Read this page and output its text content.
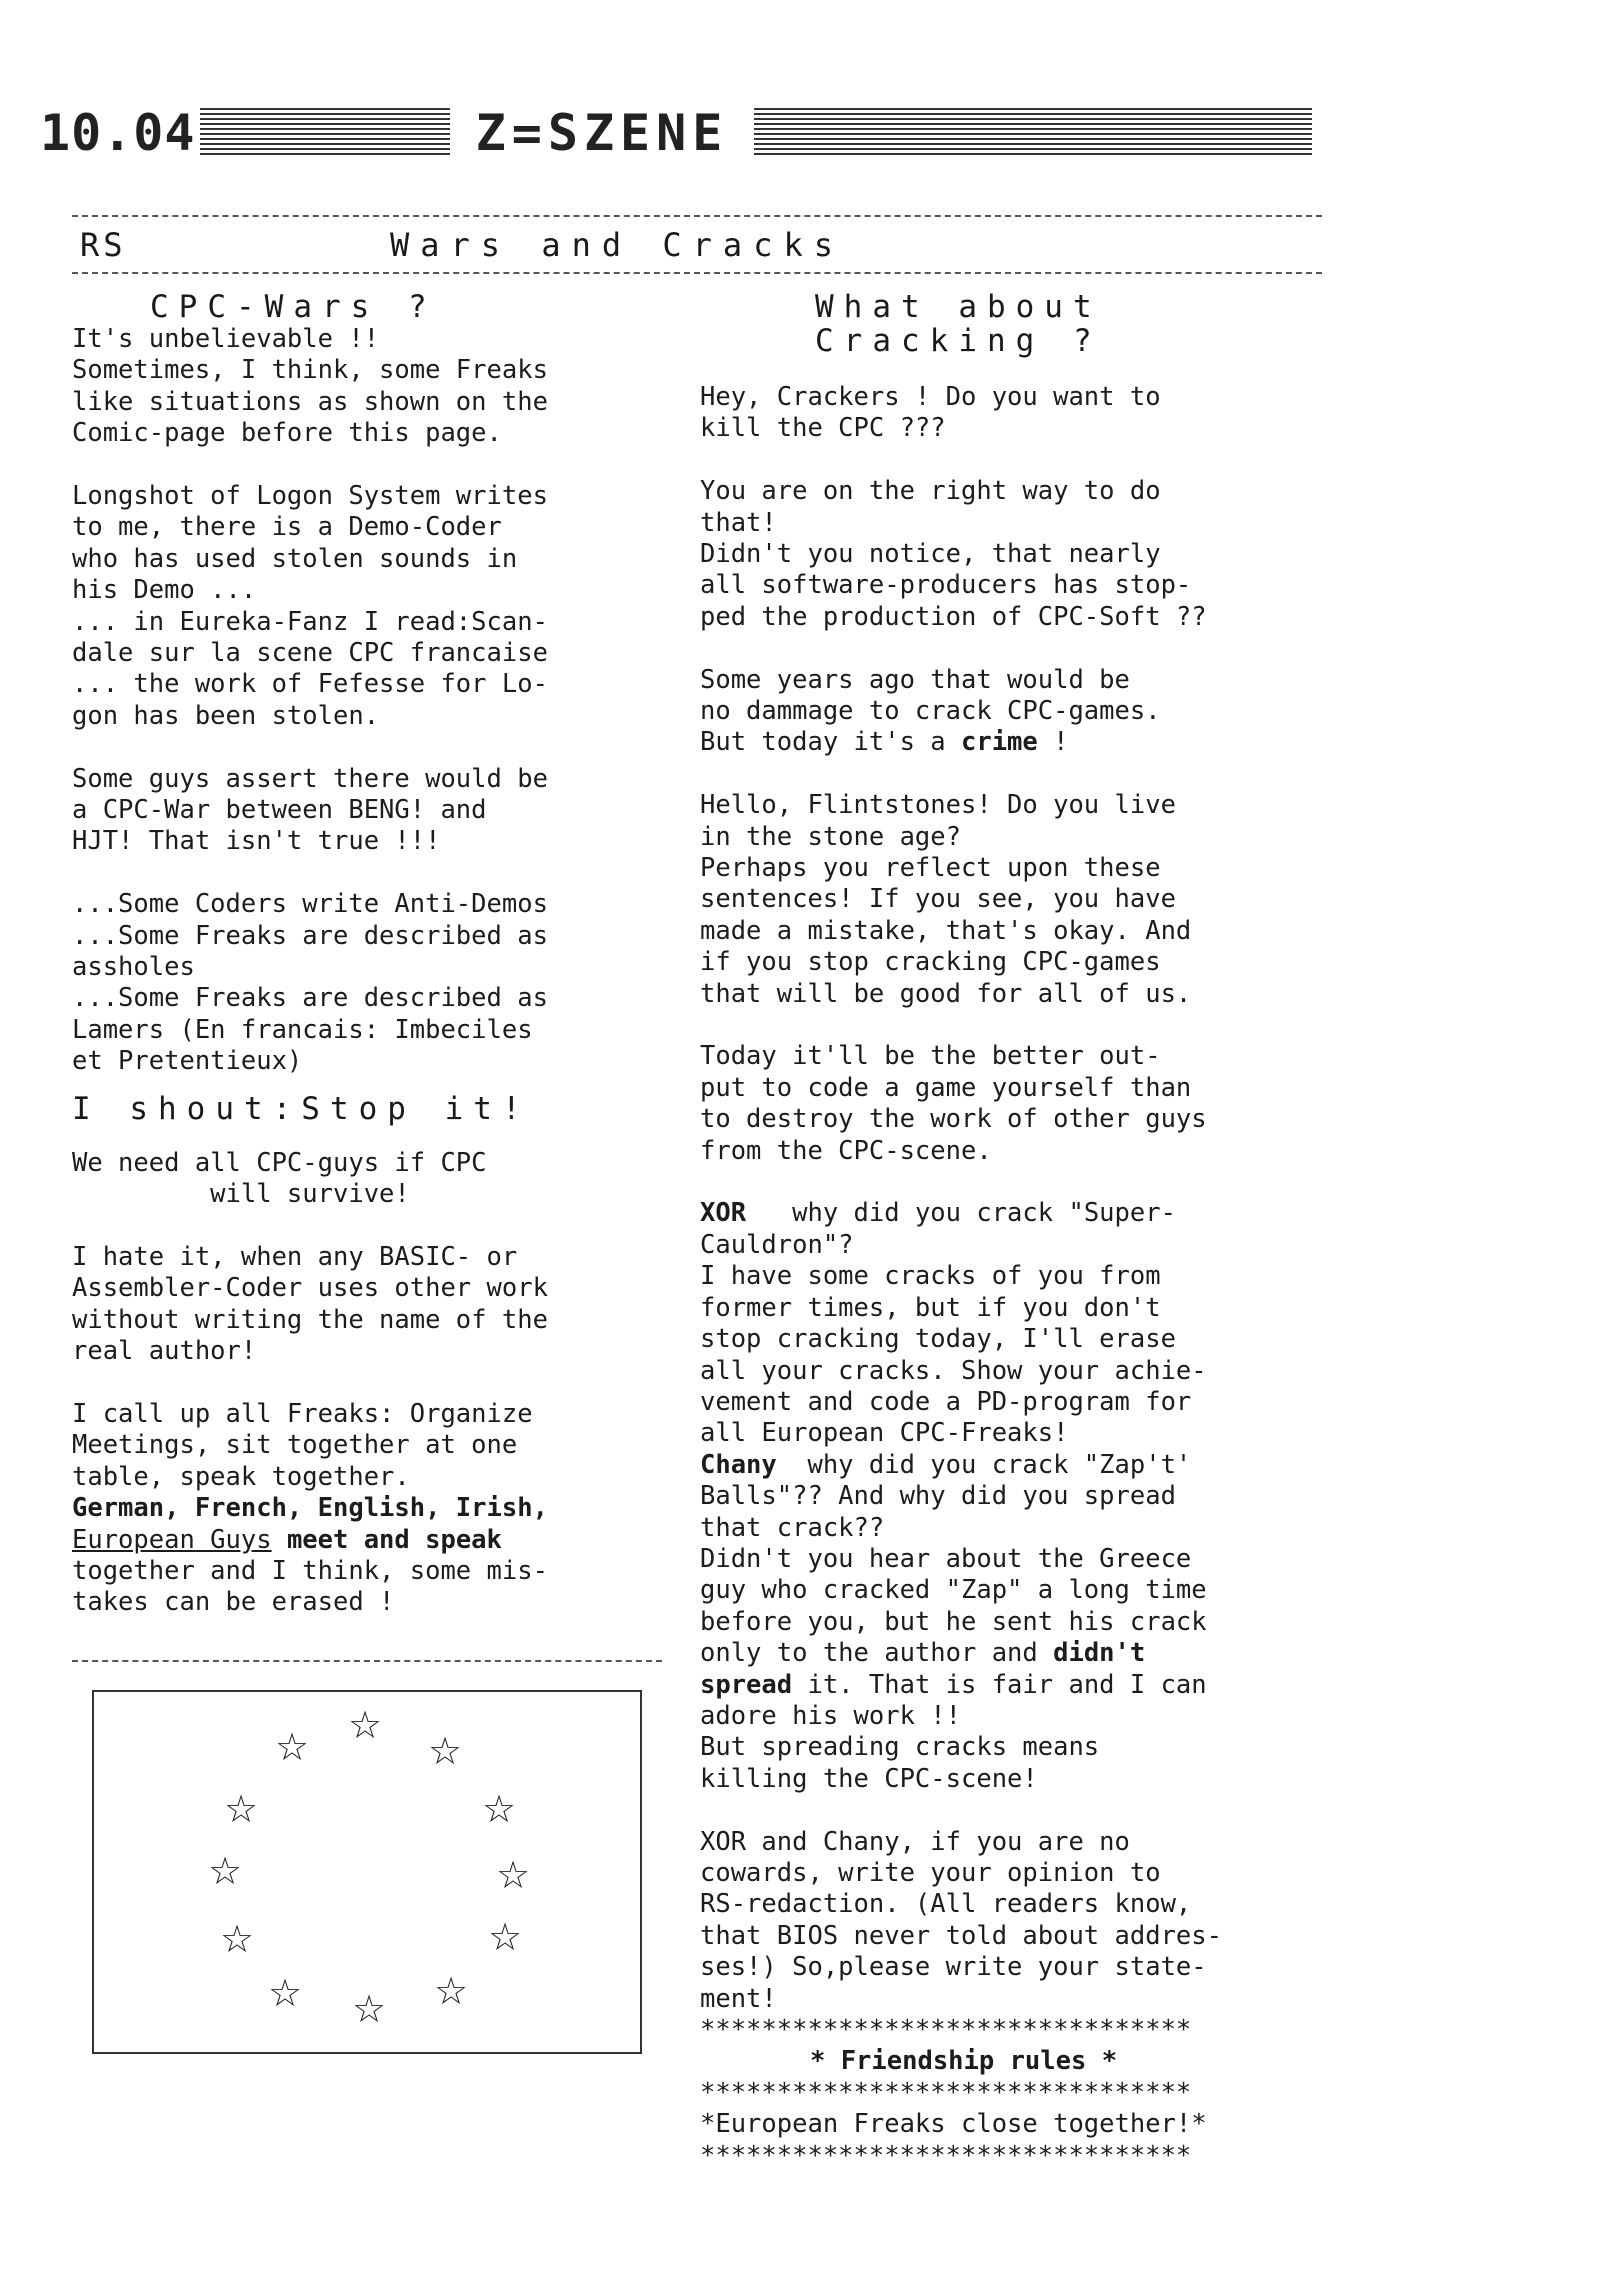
10.04	Z=SZENE
RS	Wars and Cracks

CPC-Wars ?

It's unbelievable !!
Sometimes, I think, some Freaks
like situations as shown on the
Comic-page before this page.
Longshot of Logon System writes
to me, there is a Demo-Coder
who has used stolen sounds in
his Demo ...
... in Eureka-Fanz I read:Scan-
dale sur la scene CPC francaise
... the work of Fefesse for Lo-
gon has been stolen.
Some guys assert there would be
a CPC-War between BENG! and
HJT! That isn't true !!!
...Some Coders write Anti-Demos
...Some Freaks are described as
assholes
...Some Freaks are described as
Lamers (En francais: Imbeciles
et Pretentieux)

I shout:Stop it!

We need all CPC-guys if CPC
will survive!
I hate it, when any BASIC- or
Assembler-Coder uses other work
without writing the name of the
real author!
I call up all Freaks: Organize
Meetings, sit together at one
table, speak together.
German, French, English, Irish,
European Guys meet and speak
together and I think, some mis-
takes can be erased !
☆
☆	☆
☆	☆
☆	☆
☆	☆
☆	☆
☆

What about

Cracking ?

Hey, Crackers ! Do you want to
kill the CPC ???
You are on the right way to do
that!
Didn't you notice, that nearly
all software-producers has stop-
ped the production of CPC-Soft ??
Some years ago that would be
no dammage to crack CPC-games.
But today it's a crime !
Hello, Flintstones! Do you live
in the stone age?
Perhaps you reflect upon these
sentences! If you see, you have
made a mistake, that's okay. And
if you stop cracking CPC-games
that will be good for all of us.
Today it'll be the better out-
put to code a game yourself than
to destroy the work of other guys
from the CPC-scene.
XOR   why did you crack "Super-
Cauldron"?
I have some cracks of you from
former times, but if you don't
stop cracking today, I'll erase
all your cracks. Show your achie-
vement and code a PD-program for
all European CPC-Freaks!
Chany  why did you crack "Zap't'
Balls"?? And why did you spread
that crack??
Didn't you hear about the Greece
guy who cracked "Zap" a long time
before you, but he sent his crack
only to the author and didn't
spread it. That is fair and I can
adore his work !!
But spreading cracks means
killing the CPC-scene!
XOR and Chany, if you are no
cowards, write your opinion to
RS-redaction. (All readers know,
that BIOS never told about addres-
ses!) So,please write your state-
ment!
********************************
* Friendship rules *
********************************
*European Freaks close together!*
********************************
